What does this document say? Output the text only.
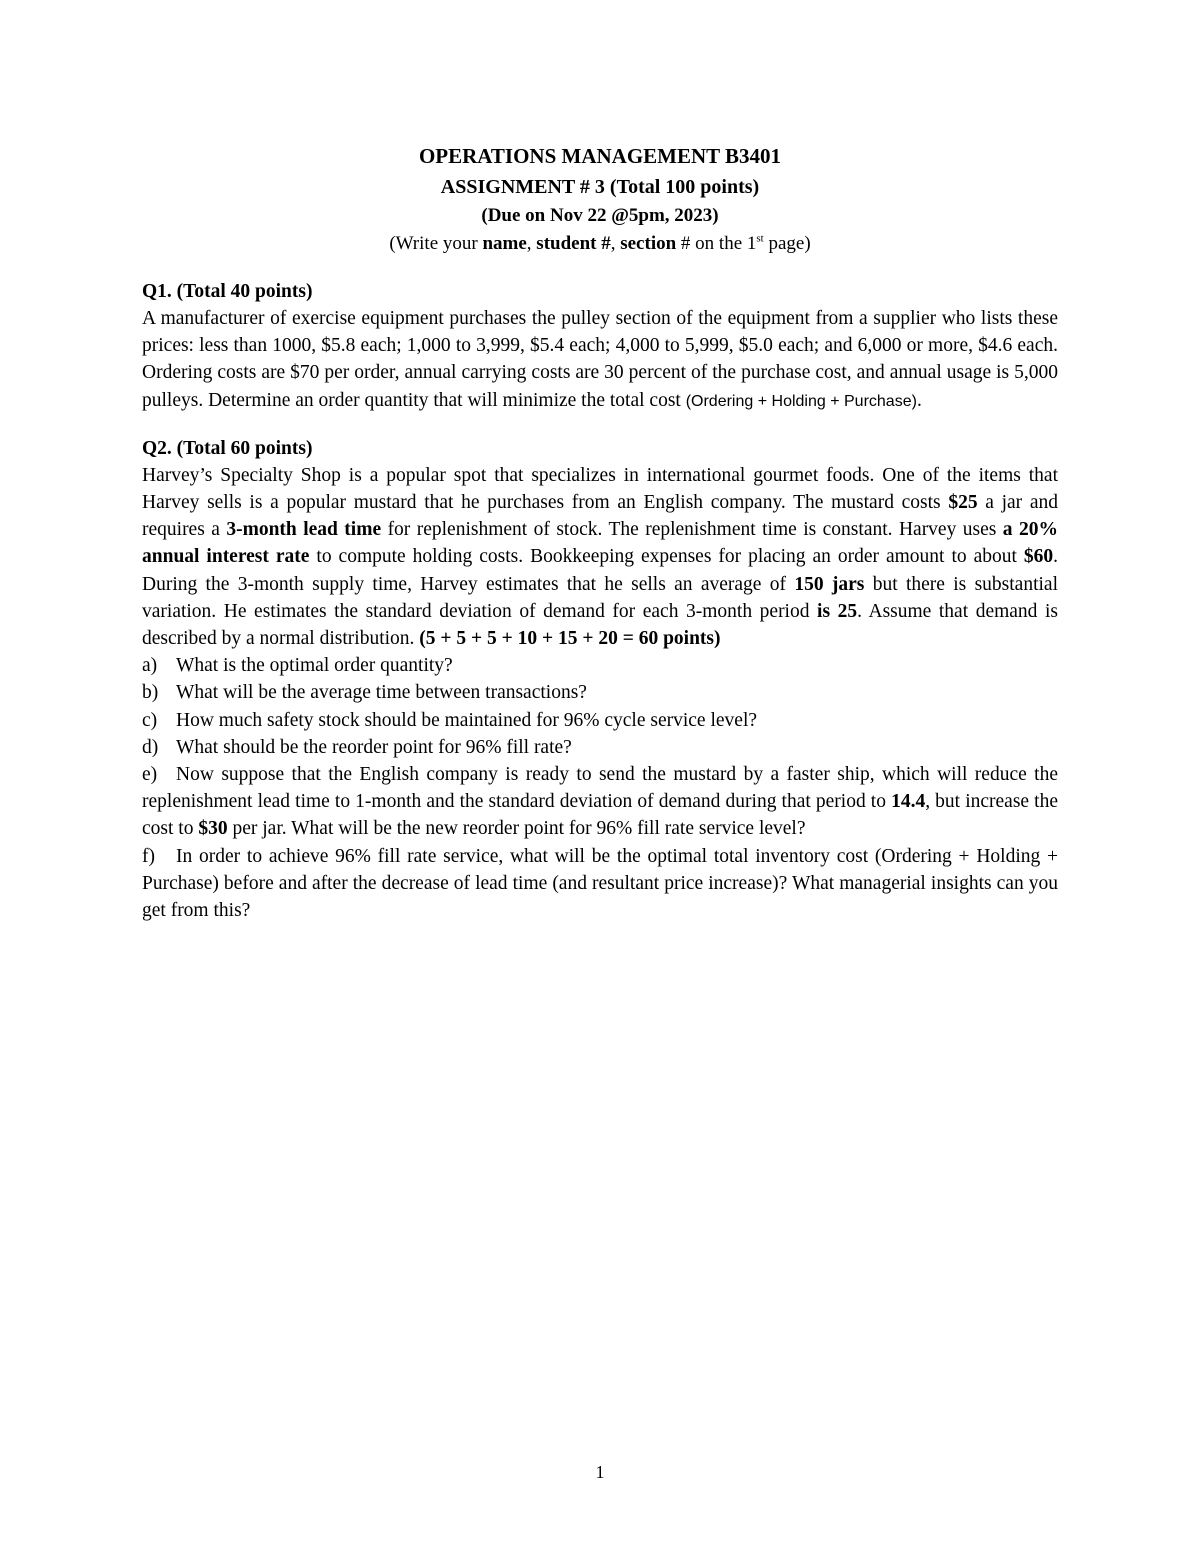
OPERATIONS MANAGEMENT B3401
ASSIGNMENT # 3 (Total 100 points)
(Due on Nov 22 @5pm, 2023)
(Write your name, student #, section # on the 1st page)
Q1. (Total 40 points)

A manufacturer of exercise equipment purchases the pulley section of the equipment from a supplier who lists these prices: less than 1000, $5.8 each; 1,000 to 3,999, $5.4 each; 4,000 to 5,999, $5.0 each; and 6,000 or more, $4.6 each. Ordering costs are $70 per order, annual carrying costs are 30 percent of the purchase cost, and annual usage is 5,000 pulleys. Determine an order quantity that will minimize the total cost (Ordering + Holding + Purchase).

Q2. (Total 60 points)

Harvey’s Specialty Shop is a popular spot that specializes in international gourmet foods. One of the items that Harvey sells is a popular mustard that he purchases from an English company. The mustard costs $25 a jar and requires a 3-month lead time for replenishment of stock. The replenishment time is constant. Harvey uses a 20% annual interest rate to compute holding costs. Bookkeeping expenses for placing an order amount to about $60. During the 3-month supply time, Harvey estimates that he sells an average of 150 jars but there is substantial variation. He estimates the standard deviation of demand for each 3-month period is 25. Assume that demand is described by a normal distribution. (5 + 5 + 5 + 10 + 15 + 20 = 60 points)

a) What is the optimal order quantity?

b) What will be the average time between transactions?

c) How much safety stock should be maintained for 96% cycle service level?

d) What should be the reorder point for 96% fill rate?

e) Now suppose that the English company is ready to send the mustard by a faster ship, which will reduce the replenishment lead time to 1-month and the standard deviation of demand during that period to 14.4, but increase the cost to $30 per jar. What will be the new reorder point for 96% fill rate service level?

f) In order to achieve 96% fill rate service, what will be the optimal total inventory cost (Ordering + Holding + Purchase) before and after the decrease of lead time (and resultant price increase)? What managerial insights can you get from this?

1
